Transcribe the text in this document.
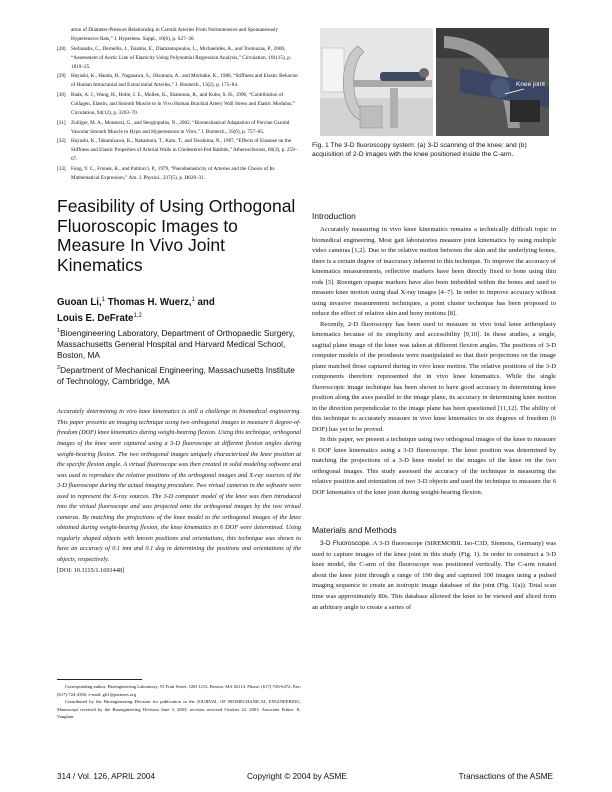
ation of Diameter-Pressure Relationship in Carotid Arteries From Normotensive and Spontaneously Hypertensive Rats,” J. Hypertens. Suppl., 10(6), p. S27–30.
[28] Stefanadis, C., Dernellis, J., Tsiamis, E., Diamantopoulos, L., Michaelides, A., and Toutouzas, P., 2000, “Assessment of Aortic Line of Elasticity Using Polynomial Regression Analysis,” Circulation, 101(15), p. 1819–25.
[29] Hayashi, K., Handa, H., Nagasawa, S., Okumura, A., and Moritake, K., 1980, “Stiffness and Elastic Behavior of Human Intracranial and Extracranial Arteries,” J. Biomech., 13(2), p. 175–84.
[30] Bank, A. J., Wang, H., Holte, J. E., Mullen, K., Shammas, R., and Kubo, S. H., 1996, “Contribution of Collagen, Elastin, and Smooth Muscle to in Vivo Human Brachial Artery Wall Stress and Elastic Modulus,” Circulation, 94(12), p. 3263–70.
[31] Zulliger, M. A., Montorzi, G., and Stergiopulos, N., 2002, “Biomechanical Adaptation of Porcine Carotid Vascular Smooth Muscle to Hypo and Hypertension in Vitro,” J. Biomech., 35(6), p. 757–65.
[32] Hayashi, K., Takamizawa, K., Nakamura, T., Kato, T., and Tsushima, N., 1987, “Effects of Elastase on the Stiffness and Elastic Properties of Arterial Walls in Cholesterol-Fed Rabbits,” Atherosclerosis, 66(3), p. 259–67.
[33] Fung, Y. C., Fronek, K., and Patitucci, P., 1979, “Pseudoelasticity of Arteries and the Choice of Its Mathematical Expression,” Am. J. Physiol., 237(5), p. H620–31.
Feasibility of Using Orthogonal Fluoroscopic Images to Measure In Vivo Joint Kinematics
Guoan Li,$^1$ Thomas H. Wuerz,$^1$ and
Louis E. DeFrate$^{1,2}$
$^1$Bioengineering Laboratory, Department of Orthopaedic Surgery, Massachusetts General Hospital and Harvard Medical School, Boston, MA
$^2$Department of Mechanical Engineering, Massachusetts Institute of Technology, Cambridge, MA
Accurately determining in vivo knee kinematics is still a challenge in biomedical engineering. This paper presents an imaging technique using two orthogonal images to measure 6 degree-of-freedom (DOF) knee kinematics during weight-bearing flexion. Using this technique, orthogonal images of the knee were captured using a 3-D fluoroscope at different flexion angles during weight-bearing flexion. The two orthogonal images uniquely characterized the knee position at the specific flexion angle. A virtual fluoroscope was then created in solid modeling software and was used to reproduce the relative positions of the orthogonal images and X-ray sources of the 3-D fluoroscope during the actual imaging procedure. Two virtual cameras in the software were used to represent the X-ray sources. The 3-D computer model of the knee was then introduced into the virtual fluoroscope and was projected onto the orthogonal images by the two virtual cameras. By matching the projections of the knee model to the orthogonal images of the knee obtained during weight-bearing flexion, the knee kinematics in 6 DOF were determined. Using regularly shaped objects with known positions and orientations, this technique was shown to have an accuracy of 0.1 mm and 0.1 deg in determining the positions and orientations of the objects, respectively.
[DOI: 10.1115/1.1691448]

Corresponding author: Bioengineering Laboratory, 55 Fruit Street, GRJ 1215, Boston, MA 02114. Phone: (617)-726-6472; Fax: (617)-724-4392; e-mail: gli1@partners.org

Contributed by the Bioengineering Division for publication in the JOURNAL OF BIOMECHANICAL ENGINEERING. Manuscript received by the Bioengineering Division June 3, 2003; revision received October 22, 2003. Associate Editor: K. Vaughan.

Knee joint
Fig. 1 The 3-D fluoroscopy system: (a) 3-D scanning of the knee; and (b) acquisition of 2-D images with the knee positioned inside the C-arm.
Introduction

Accurately measuring in vivo knee kinematics remains a technically difficult topic in biomedical engineering. Most gait laboratories measure joint kinematics by using multiple video cameras [1,2]. Due to the relative motion between the skin and the underlying bones, there is a certain degree of inaccuracy inherent to this technique. To improve the accuracy of kinematics measurements, reflective markers have been directly fixed to bone using thin rods [3]. Roentgen opaque markers have also been imbedded within the bones and used to measure knee motion using dual X-ray images [4–7]. In order to improve accuracy without using invasive measurement techniques, a point cluster technique has been proposed to reduce the effect of relative skin and bony motions [8].

Recently, 2-D fluoroscopy has been used to measure in vivo total knee arthroplasty kinematics because of its simplicity and accessibility [9,10]. In these studies, a single, sagittal plane image of the knee was taken at different flexion angles. The positions of 3-D computer models of the prosthesis were manipulated so that their projections on the image plane matched those captured during in vivo knee motion. The relative positions of the 3-D components therefore represented the in vivo knee kinematics. While the single fluoroscopic image technique has been shown to have good accuracy in determining knee position along the axes parallel to the image plane, its accuracy in determining knee motion in the direction perpendicular to the image plane has been questioned [11,12]. The ability of this technique to accurately measure in vivo knee kinematics in six degrees of freedom (6 DOF) has yet to be proved.

In this paper, we present a technique using two orthogonal images of the knee to measure 6 DOF knee kinematics using a 3-D fluoroscope. The knee position was determined by matching the projections of a 3-D knee model to the images of the knee on the two orthogonal images. This study assessed the accuracy of the technique in measuring the relative position and orientation of two 3-D objects and used the technique to measure the 6 DOF kinematics of the knee joint during weight-bearing flexion.

Materials and Methods

3-D Fluoroscope. A 3-D fluoroscope (SIREMOBIL Iso-C3D, Siemens, Germany) was used to capture images of the knee joint in this study (Fig. 1). In order to construct a 3-D knee model, the C-arm of the fluoroscope was positioned vertically. The C-arm rotated about the knee joint through a range of 190 deg and captured 100 images using a pulsed imaging sequence to create an isotropic image database of the joint (Fig. 1(a)). Total scan time was approximately 80s. This database allowed the knee to be viewed and sliced from an arbitrary angle to create a series of

314 / Vol. 126, APRIL 2004	Copyright © 2004 by ASME	Transactions of the ASME
